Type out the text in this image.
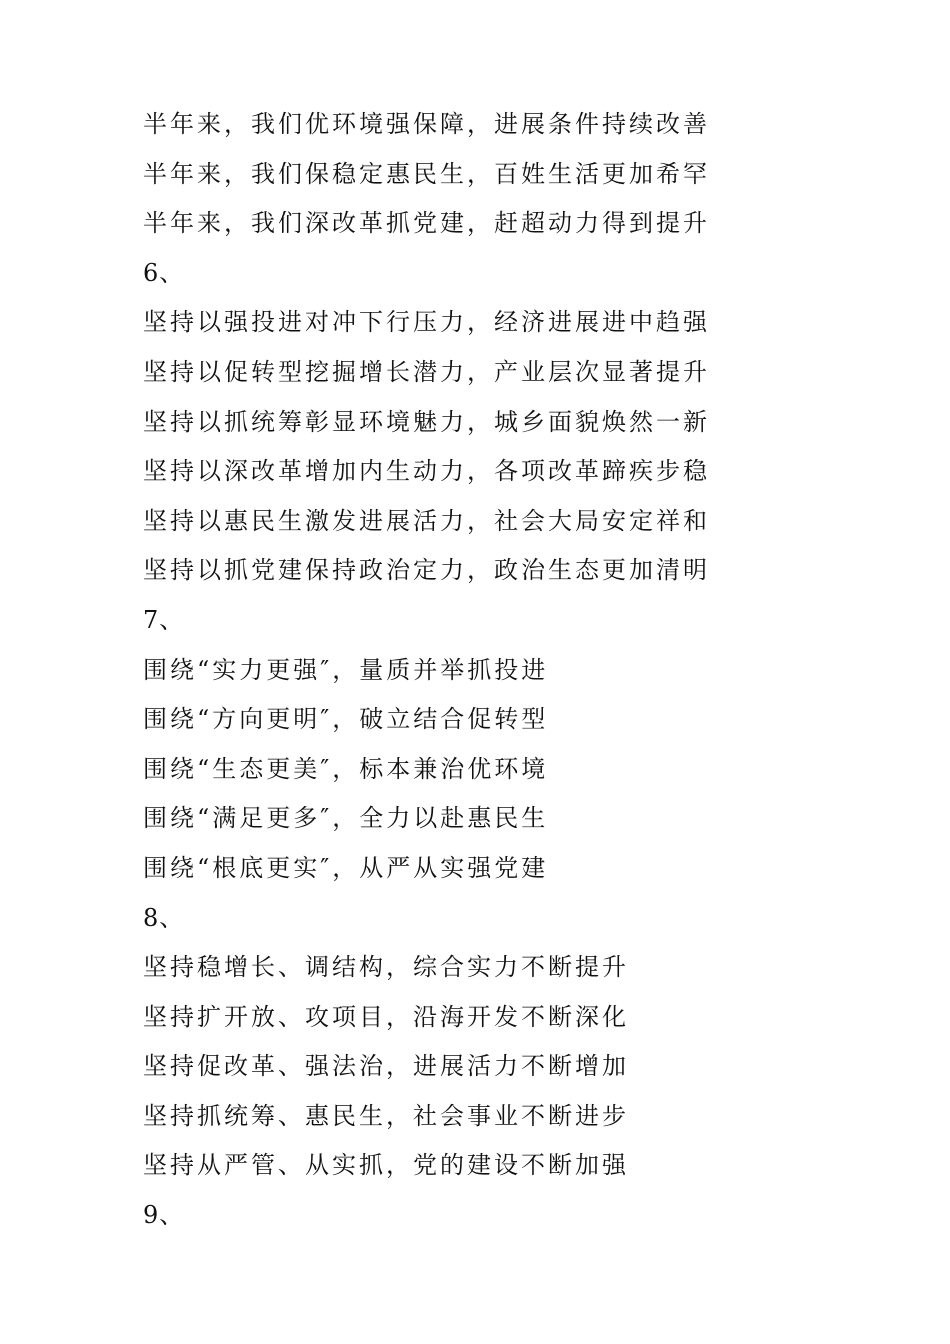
半年来，我们优环境强保障，进展条件持续改善
半年来，我们保稳定惠民生，百姓生活更加希罕
半年来，我们深改革抓党建，赶超动力得到提升
6、
坚持以强投进对冲下行压力，经济进展进中趋强
坚持以促转型挖掘增长潜力，产业层次显著提升
坚持以抓统筹彰显环境魅力，城乡面貌焕然一新
坚持以深改革增加内生动力，各项改革蹄疾步稳
坚持以惠民生激发进展活力，社会大局安定祥和
坚持以抓党建保持政治定力，政治生态更加清明
7、
围绕“实力更强″，量质并举抓投进
围绕“方向更明″，破立结合促转型
围绕“生态更美″，标本兼治优环境
围绕“满足更多″，全力以赴惠民生
围绕“根底更实″，从严从实强党建
8、
坚持稳增长、调结构，综合实力不断提升
坚持扩开放、攻项目，沿海开发不断深化
坚持促改革、强法治，进展活力不断增加
坚持抓统筹、惠民生，社会事业不断进步
坚持从严管、从实抓，党的建设不断加强
9、
